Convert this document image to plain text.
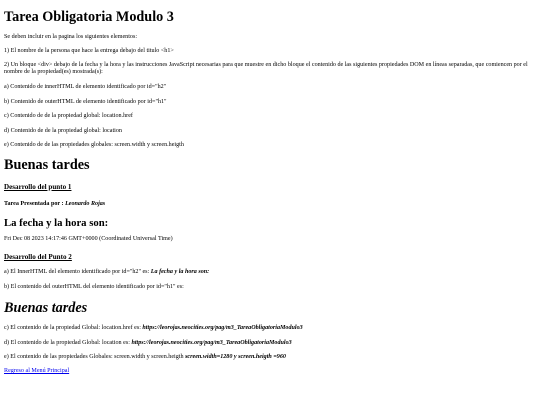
Tarea Obligatoria Modulo 3

Se deben incluir en la pagina los siguientes elementos:

1) El nombre de la persona que hace la entrega debajo del titulo <h1>

2) Un bloque <div> debajo de la fecha y la hora y las instrucciones JavaScript necesarias para que muestre en dicho bloque el contenido de las siguientes propiedades DOM en líneas separadas, que comiencen por el nombre de la propiedad(es) mostrada(s):

a) Contenido de innerHTML de elemento identificado por id="h2"

b) Contenido de outerHTML de elemento identificado por id="h1"

c) Contenido de de la propiedad global: location.href

d) Contenido de de la propiedad global: location

e) Contenido de de las propiedades globales: screen.width y screen.heigth

Buenas tardes
Desarrollo del punto 1

Tarea Presentada por : Leonardo Rojas

La fecha y la hora son:

Fri Dec 08 2023 14:17:46 GMT+0000 (Coordinated Universal Time)

Desarrollo del Punto 2

a) El InnerHTML del elemento identificado por id="h2" es: La fecha y la hora son:

b) El contenido del outerHTML del elemento identificado por id="h1" es:

Buenas tardes

c) El contenido de la propiedad Global: location.href es: https://leorojas.neocities.org/pag/m3_TareaObligatoriaModulo3

d) El contenido de la propiedad Global: location es: https://leorojas.neocities.org/pag/m3_TareaObligatoriaModulo3

e) El contenido de las propiedades Globales: screen.width y screen.heigth screen.width=1280 y screen.heigth =960

Regreso al Menú Principal
